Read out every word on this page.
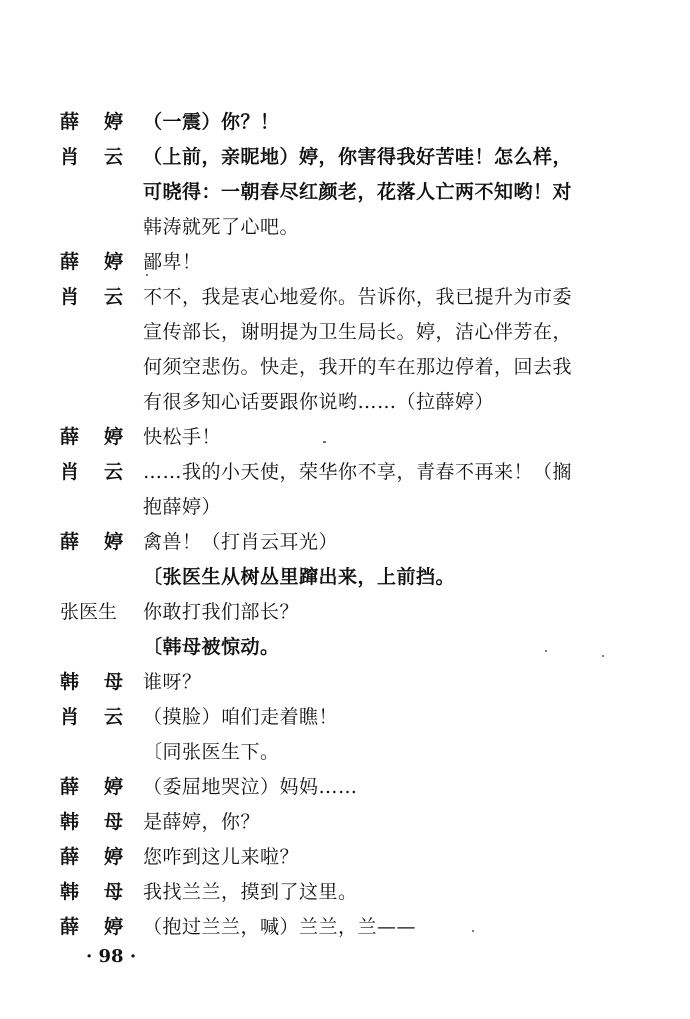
薛 婷 （一震）你？！
肖 云 （上前，亲昵地）婷，你害得我好苦哇！怎么样，
可晓得：一朝春尽红颜老，花落人亡两不知哟！对
韩涛就死了心吧。
薛 婷 鄙卑！
肖 云 不不，我是衷心地爱你。告诉你，我已提升为市委
宣传部长，谢明提为卫生局长。婷，洁心伴芳在，
何须空悲伤。快走，我开的车在那边停着，回去我
有很多知心话要跟你说哟……（拉薛婷）
薛 婷 快松手！
肖 云 ……我的小天使，荣华你不享，青春不再来！（搁
抱薛婷）
薛 婷 禽兽！（打肖云耳光）
〔张医生从树丛里蹿出来，上前挡。
张医生	你敢打我们部长？
〔韩母被惊动。
韩 母 谁呀？
肖 云 （摸脸）咱们走着瞧！
〔同张医生下。
薛 婷 （委屈地哭泣）妈妈……
韩 母 是薛婷，你？
薛 婷 您咋到这儿来啦？
韩 母 我找兰兰，摸到了这里。
薛 婷 （抱过兰兰，喊）兰兰，兰——
· 98 ·
